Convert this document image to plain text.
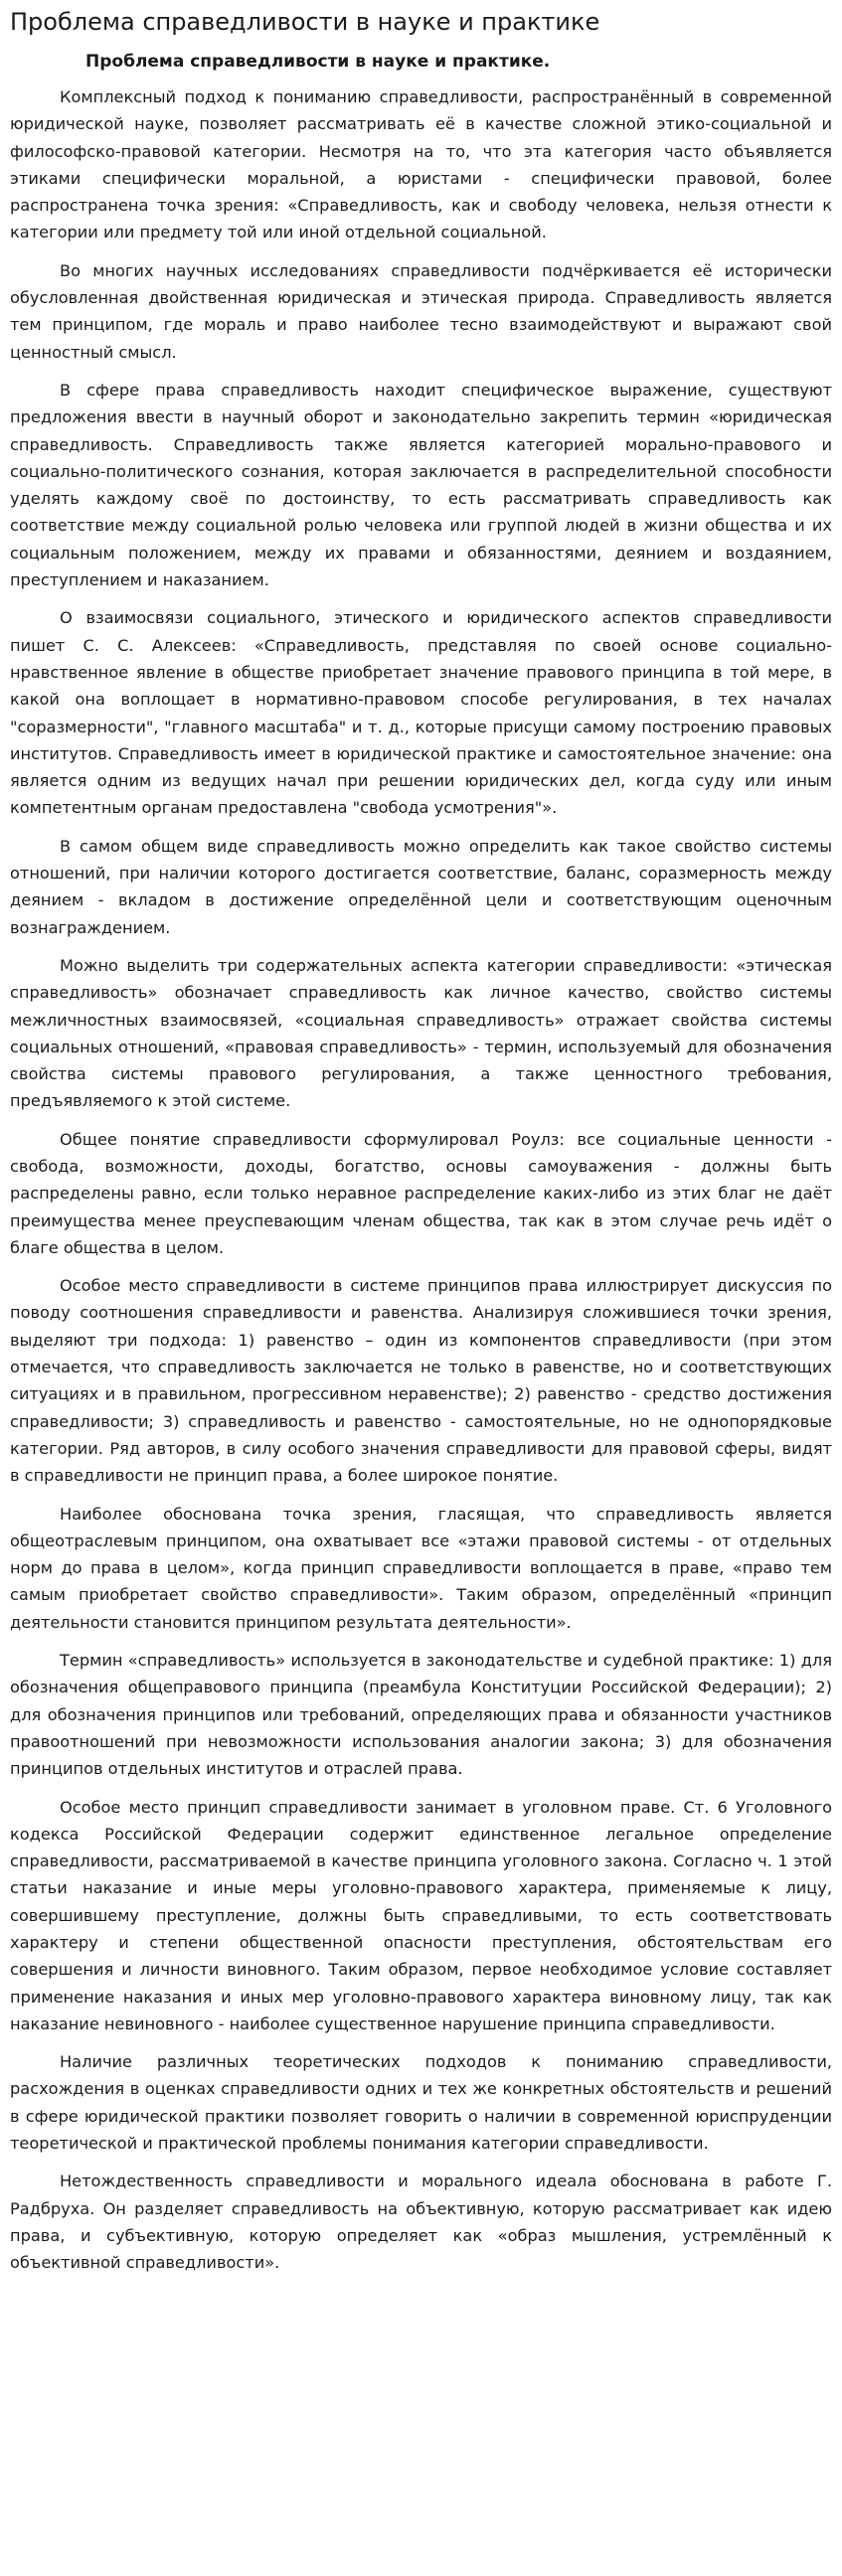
Проблема справедливости в науке и практике
Проблема справедливости в науке и практике.

Комплексный подход к пониманию справедливости, распространённый в современной юридической науке, позволяет рассматривать её в качестве сложной этико-социальной и философско-правовой категории. Несмотря на то, что эта категория часто объявляется этиками специфически моральной, а юристами - специфически правовой, более распространена точка зрения: «Справедливость, как и свободу человека, нельзя отнести к категории или предмету той или иной отдельной социальной.

Во многих научных исследованиях справедливости подчёркивается её исторически обусловленная двойственная юридическая и этическая природа. Справедливость является тем принципом, где мораль и право наиболее тесно взаимодействуют и выражают свой ценностный смысл.

В сфере права справедливость находит специфическое выражение, существуют предложения ввести в научный оборот и законодательно закрепить термин «юридическая справедливость. Справедливость также является категорией морально-правового и социально-политического сознания, которая заключается в распределительной способности уделять каждому своё по достоинству, то есть рассматривать справедливость как соответствие между социальной ролью человека или группой людей в жизни общества и их социальным положением, между их правами и обязанностями, деянием и воздаянием, преступлением и наказанием.

О взаимосвязи социального, этического и юридического аспектов справедливости пишет С. С. Алексеев: «Справедливость, представляя по своей основе социально-нравственное явление в обществе приобретает значение правового принципа в той мере, в какой она воплощает в нормативно-правовом способе регулирования, в тех началах "соразмерности", "главного масштаба" и т. д., которые присущи самому построению правовых институтов. Справедливость имеет в юридической практике и самостоятельное значение: она является одним из ведущих начал при решении юридических дел, когда суду или иным компетентным органам предоставлена "свобода усмотрения"».

В самом общем виде справедливость можно определить как такое свойство системы отношений, при наличии которого достигается соответствие, баланс, соразмерность между деянием - вкладом в достижение определённой цели и соответствующим оценочным вознаграждением.

Можно выделить три содержательных аспекта категории справедливости: «этическая справедливость» обозначает справедливость как личное качество, свойство системы межличностных взаимосвязей, «социальная справедливость» отражает свойства системы социальных отношений, «правовая справедливость» - термин, используемый для обозначения свойства системы правового регулирования, а также ценностного требования, предъявляемого к этой системе.

Общее понятие справедливости сформулировал Роулз: все социальные ценности - свобода, возможности, доходы, богатство, основы самоуважения - должны быть распределены равно, если только неравное распределение каких-либо из этих благ не даёт преимущества менее преуспевающим членам общества, так как в этом случае речь идёт о благе общества в целом.

Особое место справедливости в системе принципов права иллюстрирует дискуссия по поводу соотношения справедливости и равенства. Анализируя сложившиеся точки зрения, выделяют три подхода: 1) равенство – один из компонентов справедливости (при этом отмечается, что справедливость заключается не только в равенстве, но и соответствующих ситуациях и в правильном, прогрессивном неравенстве); 2) равенство - средство достижения справедливости; 3) справедливость и равенство - самостоятельные, но не однопорядковые категории. Ряд авторов, в силу особого значения справедливости для правовой сферы, видят в справедливости не принцип права, а более широкое понятие.

Наиболее обоснована точка зрения, гласящая, что справедливость является общеотраслевым принципом, она охватывает все «этажи правовой системы - от отдельных норм до права в целом», когда принцип справедливости воплощается в праве, «право тем самым приобретает свойство справедливости». Таким образом, определённый «принцип деятельности становится принципом результата деятельности».

Термин «справедливость» используется в законодательстве и судебной практике: 1) для обозначения общеправового принципа (преамбула Конституции Российской Федерации); 2) для обозначения принципов или требований, определяющих права и обязанности участников правоотношений при невозможности использования аналогии закона; 3) для обозначения принципов отдельных институтов и отраслей права.

Особое место принцип справедливости занимает в уголовном праве. Ст. 6 Уголовного кодекса Российской Федерации содержит единственное легальное определение справедливости, рассматриваемой в качестве принципа уголовного закона. Согласно ч. 1 этой статьи наказание и иные меры уголовно-правового характера, применяемые к лицу, совершившему преступление, должны быть справедливыми, то есть соответствовать характеру и степени общественной опасности преступления, обстоятельствам его совершения и личности виновного. Таким образом, первое необходимое условие составляет применение наказания и иных мер уголовно-правового характера виновному лицу, так как наказание невиновного - наиболее существенное нарушение принципа справедливости.

Наличие различных теоретических подходов к пониманию справедливости, расхождения в оценках справедливости одних и тех же конкретных обстоятельств и решений в сфере юридической практики позволяет говорить о наличии в современной юриспруденции теоретической и практической проблемы понимания категории справедливости.

Нетождественность справедливости и морального идеала обоснована в работе Г. Радбруха. Он разделяет справедливость на объективную, которую рассматривает как идею права, и субъективную, которую определяет как «образ мышления, устремлённый к объективной справедливости».
